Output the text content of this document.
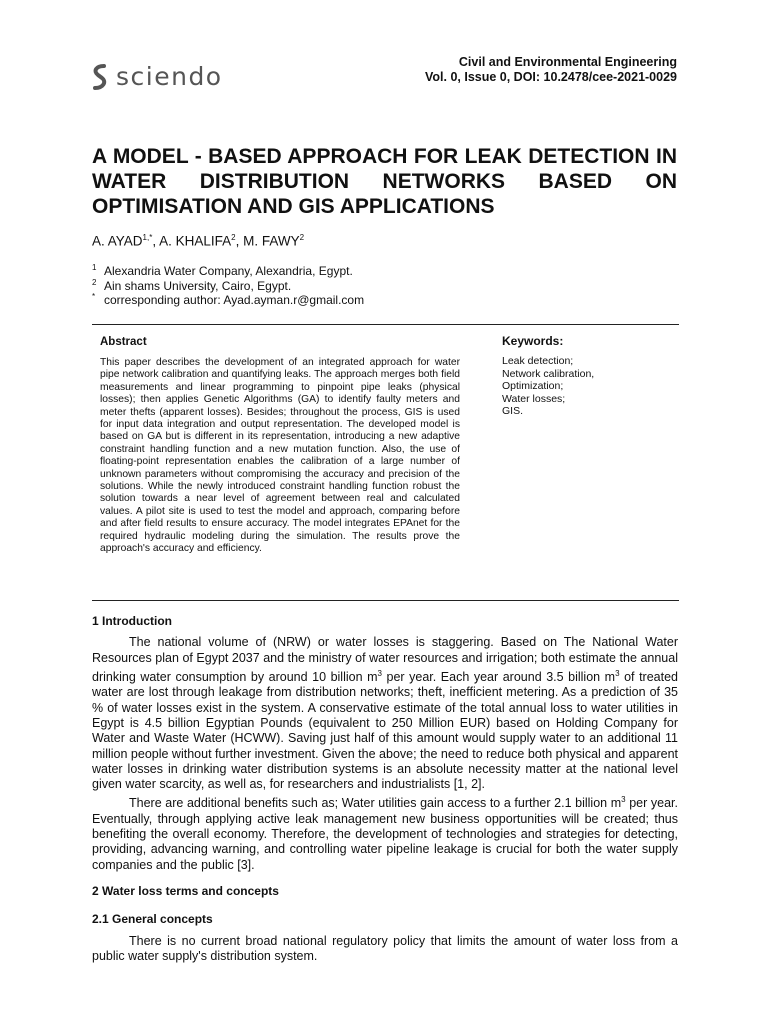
sciendo	Civil and Environmental Engineering
Vol. 0, Issue 0, DOI: 10.2478/cee-2021-0029
A MODEL - BASED APPROACH FOR LEAK DETECTION IN WATER DISTRIBUTION NETWORKS BASED ON OPTIMISATION AND GIS APPLICATIONS
A. $AYAD^{1,*}$, A. KHALIFA$^2$, M. FAWY$^2$
1 Alexandria Water Company, Alexandria, Egypt.
2 Ain shams University, Cairo, Egypt.
* corresponding author: Ayad.ayman.r@gmail.com
Abstract
This paper describes the development of an integrated approach for water pipe network calibration and quantifying leaks. The approach merges both field measurements and linear programming to pinpoint pipe leaks (physical losses); then applies Genetic Algorithms (GA) to identify faulty meters and meter thefts (apparent losses). Besides; throughout the process, GIS is used for input data integration and output representation. The developed model is based on GA but is different in its representation, introducing a new adaptive constraint handling function and a new mutation function. Also, the use of floating-point representation enables the calibration of a large number of unknown parameters without compromising the accuracy and precision of the solutions. While the newly introduced constraint handling function robust the solution towards a near level of agreement between real and calculated values. A pilot site is used to test the model and approach, comparing before and after field results to ensure accuracy. The model integrates EPAnet for the required hydraulic modeling during the simulation. The results prove the approach's accuracy and efficiency.
Keywords:
Leak detection;
Network calibration,
Optimization;
Water losses;
GIS.
1 Introduction

The national volume of (NRW) or water losses is staggering. Based on The National Water Resources plan of Egypt 2037 and the ministry of water resources and irrigation; both estimate the annual drinking water consumption by around 10 billion $m^3$ per year. Each year around 3.5 billion $m^3$ of treated water are lost through leakage from distribution networks; theft, inefficient metering. As a prediction of 35 % of water losses exist in the system. A conservative estimate of the total annual loss to water utilities in Egypt is 4.5 billion Egyptian Pounds (equivalent to 250 Million EUR) based on Holding Company for Water and Waste Water (HCWW). Saving just half of this amount would supply water to an additional 11 million people without further investment. Given the above; the need to reduce both physical and apparent water losses in drinking water distribution systems is an absolute necessity matter at the national level given water scarcity, as well as, for researchers and industrialists [1, 2].

There are additional benefits such as; Water utilities gain access to a further 2.1 billion $m^3$ per year. Eventually, through applying active leak management new business opportunities will be created; thus benefiting the overall economy. Therefore, the development of technologies and strategies for detecting, providing, advancing warning, and controlling water pipeline leakage is crucial for both the water supply companies and the public [3].

2 Water loss terms and concepts
2.1 General concepts

There is no current broad national regulatory policy that limits the amount of water loss from a public water supply's distribution system.
